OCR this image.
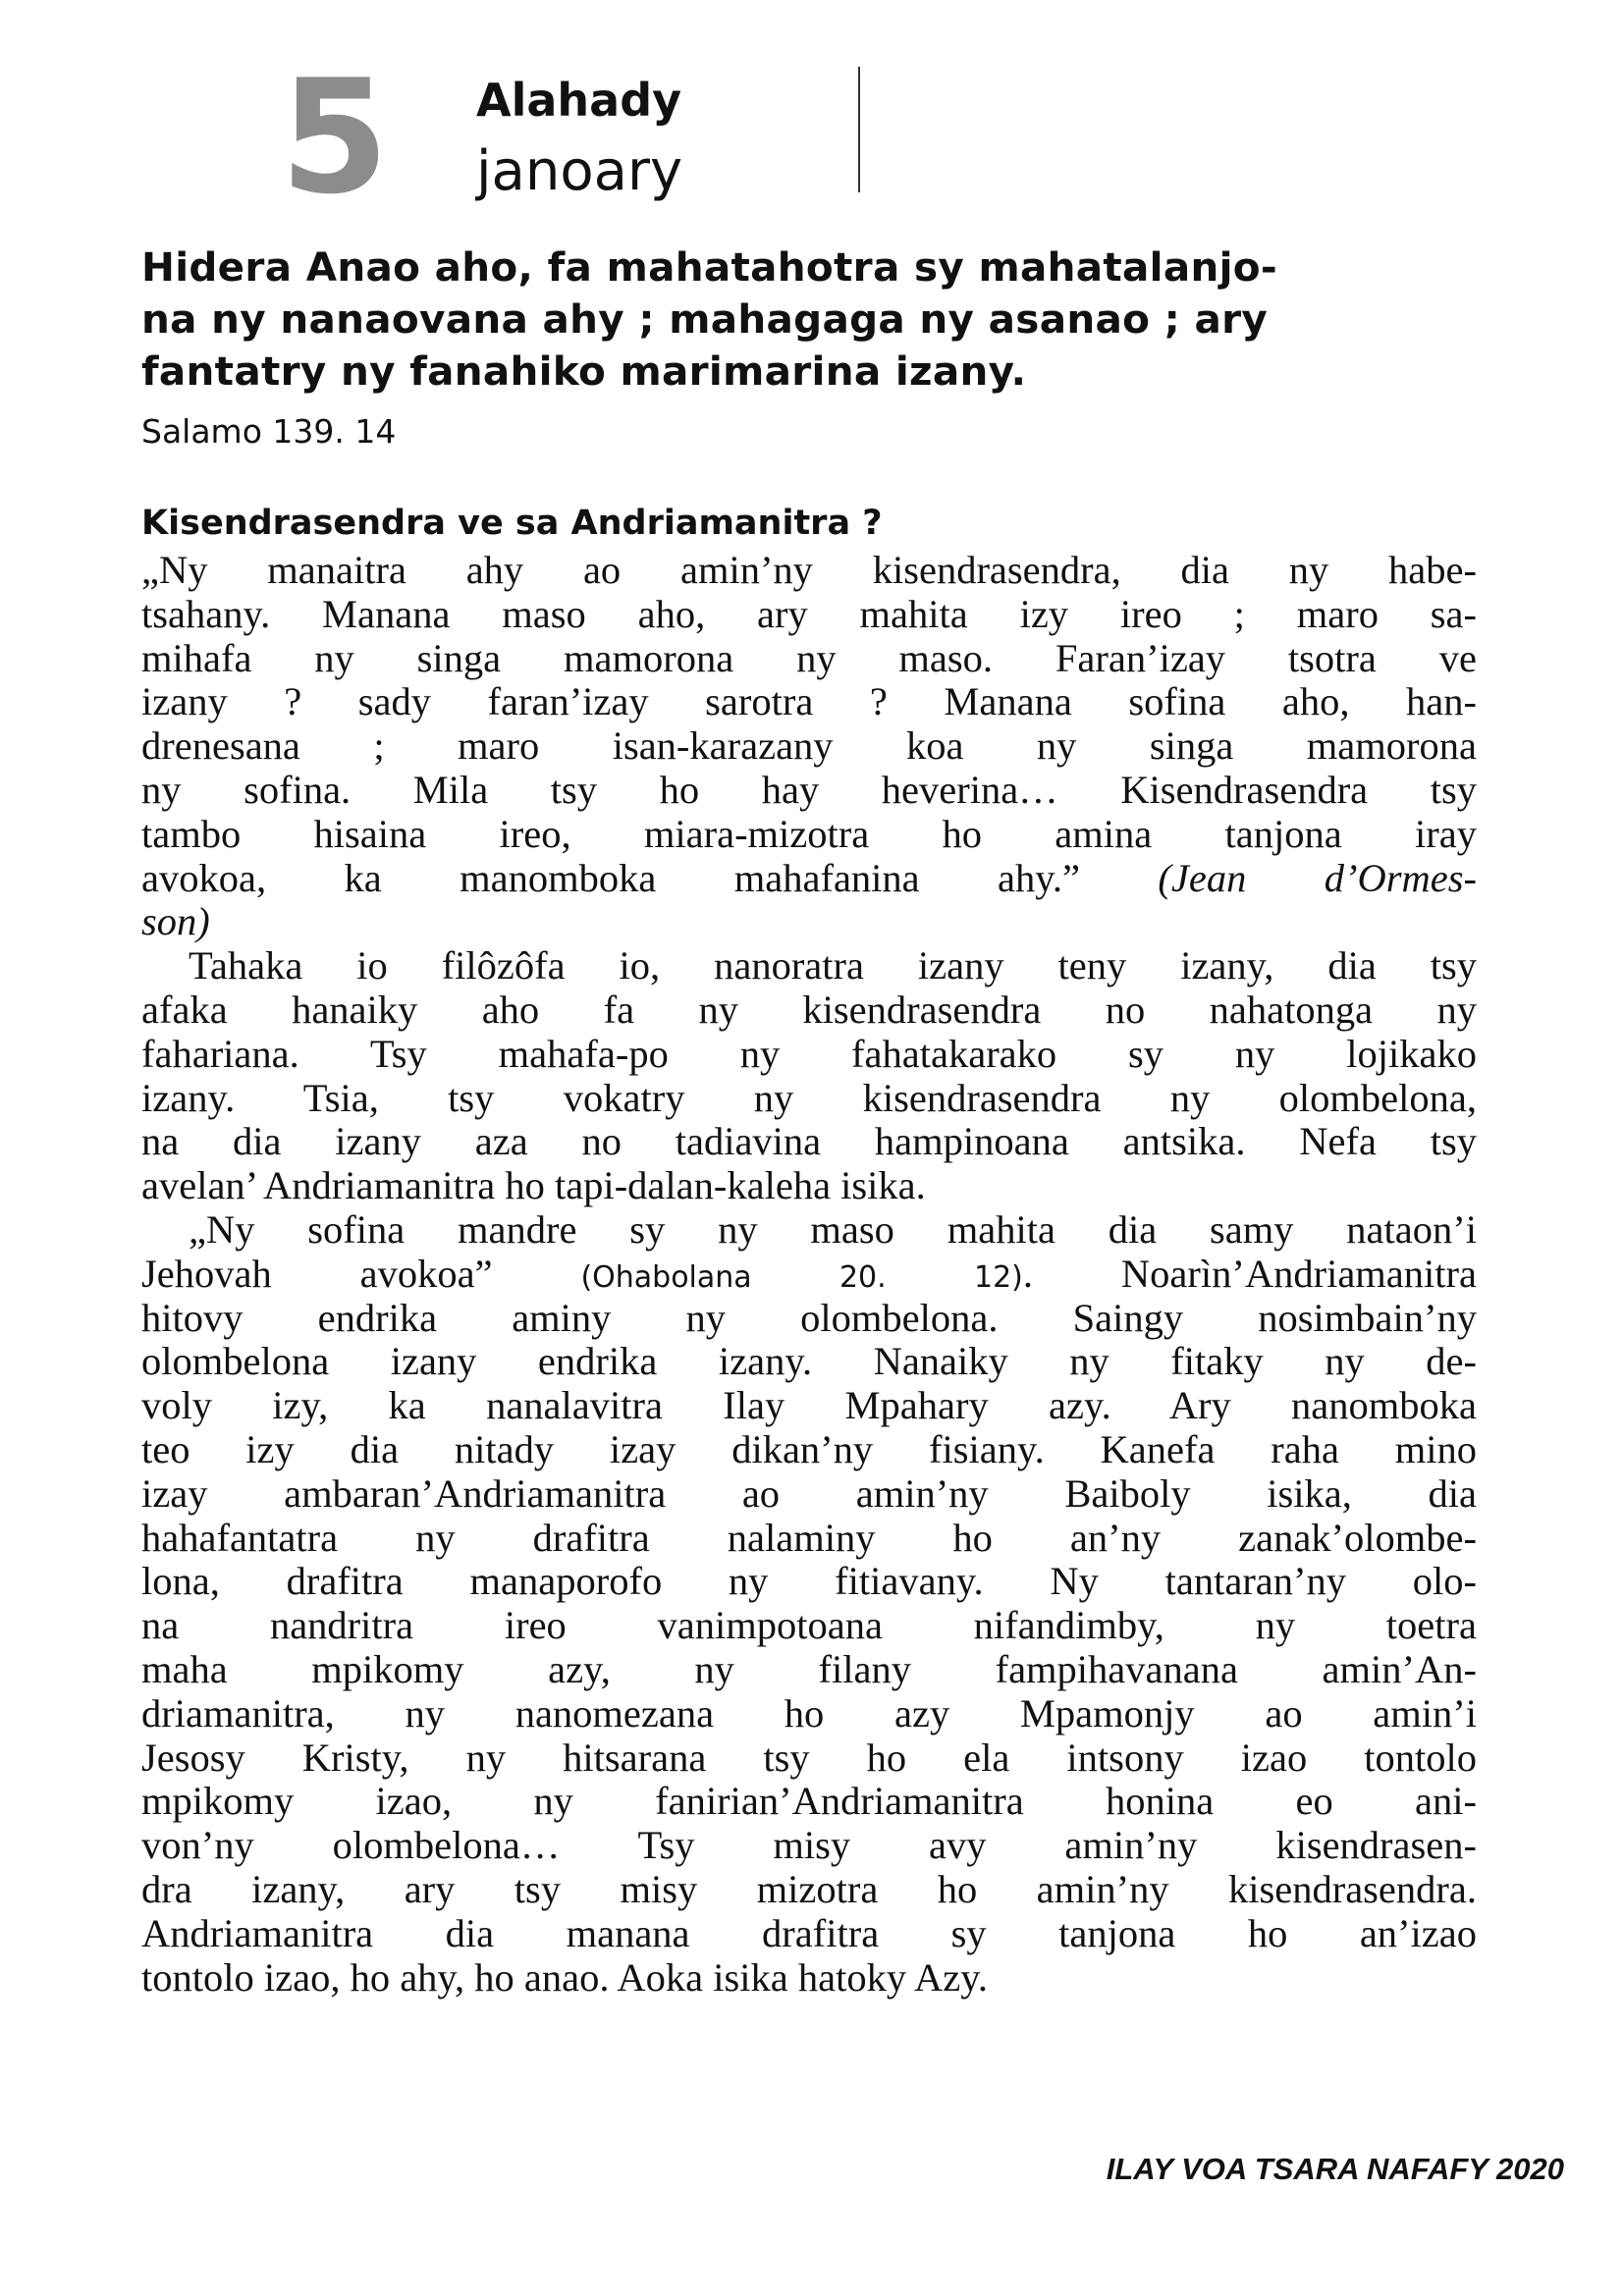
5 Alahady
janoary
Hidera Anao aho, fa mahatahotra sy mahatalanjo-
na ny nanaovana ahy ; mahagaga ny asanao ; ary
fantatry ny fanahiko marimarina izany.
Salamo 139. 14
Kisendrasendra ve sa Andriamanitra ?
„Ny manaitra ahy ao amin’ny kisendrasendra, dia ny habe-
tsahany. Manana maso aho, ary mahita izy ireo ; maro sa-
mihafa ny singa mamorona ny maso. Faran’izay tsotra ve
izany ? sady faran’izay sarotra ? Manana sofina aho, han-
drenesana ; maro isan-karazany koa ny singa mamorona
ny sofina. Mila tsy ho hay heverina… Kisendrasendra tsy
tambo hisaina ireo, miara-mizotra ho amina tanjona iray
avokoa, ka manomboka mahafanina ahy.” (Jean d’Ormes-
son)
Tahaka io filôzôfa io, nanoratra izany teny izany, dia tsy
afaka hanaiky aho fa ny kisendrasendra no nahatonga ny
fahariana. Tsy mahafa-po ny fahatakarako sy ny lojikako
izany. Tsia, tsy vokatry ny kisendrasendra ny olombelona,
na dia izany aza no tadiavina hampinoana antsika. Nefa tsy
avelan’ Andriamanitra ho tapi-dalan-kaleha isika.
„Ny sofina mandre sy ny maso mahita dia samy nataon’i
Jehovah avokoa” (Ohabolana 20. 12). Noarìn’Andriamanitra
hitovy endrika aminy ny olombelona. Saingy nosimbain’ny
olombelona izany endrika izany. Nanaiky ny fitaky ny de-
voly izy, ka nanalavitra Ilay Mpahary azy. Ary nanomboka
teo izy dia nitady izay dikan’ny fisiany. Kanefa raha mino
izay ambaran’Andriamanitra ao amin’ny Baiboly isika, dia
hahafantatra ny drafitra nalaminy ho an’ny zanak’olombe-
lona, drafitra manaporofo ny fitiavany. Ny tantaran’ny olo-
na nandritra ireo vanimpotoana nifandimby, ny toetra
maha mpikomy azy, ny filany fampihavanana amin’An-
driamanitra, ny nanomezana ho azy Mpamonjy ao amin’i
Jesosy Kristy, ny hitsarana tsy ho ela intsony izao tontolo
mpikomy izao, ny fanirian’Andriamanitra honina eo ani-
von’ny olombelona… Tsy misy avy amin’ny kisendrasen-
dra izany, ary tsy misy mizotra ho amin’ny kisendrasendra.
Andriamanitra dia manana drafitra sy tanjona ho an’izao
tontolo izao, ho ahy, ho anao. Aoka isika hatoky Azy.
ILAY VOA TSARA NAFAFY 2020
